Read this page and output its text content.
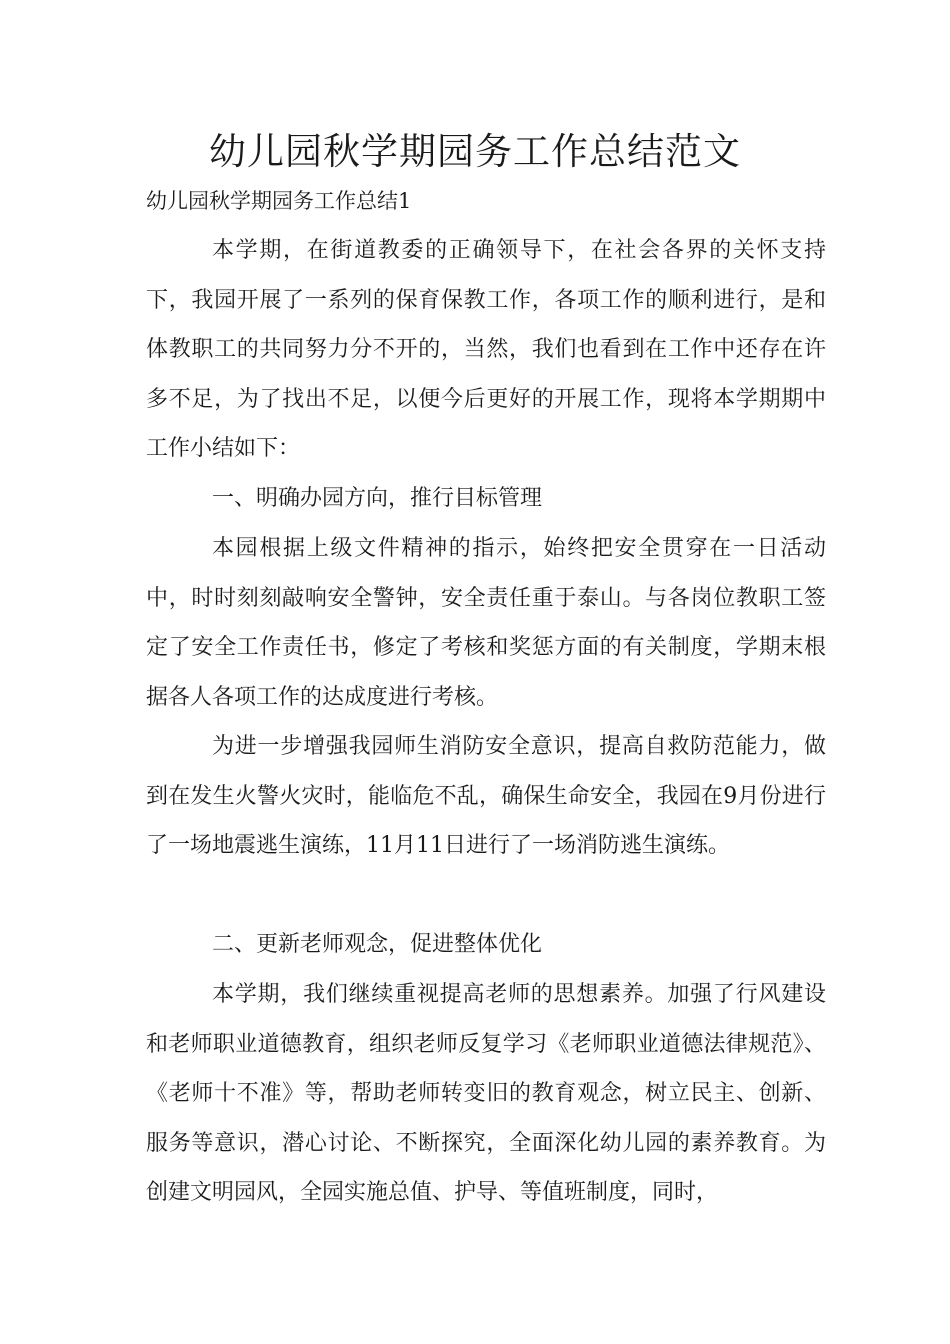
幼儿园秋学期园务工作总结范文

幼儿园秋学期园务工作总结1

本学期，在街道教委的正确领导下，在社会各界的关怀支持下，我园开展了一系列的保育保教工作，各项工作的顺利进行，是和体教职工的共同努力分不开的，当然，我们也看到在工作中还存在许多不足，为了找出不足，以便今后更好的开展工作，现将本学期期中工作小结如下：

一、明确办园方向，推行目标管理

本园根据上级文件精神的指示，始终把安全贯穿在一日活动中，时时刻刻敲响安全警钟，安全责任重于泰山。与各岗位教职工签定了安全工作责任书，修定了考核和奖惩方面的有关制度，学期末根据各人各项工作的达成度进行考核。

为进一步增强我园师生消防安全意识，提高自救防范能力，做到在发生火警火灾时，能临危不乱，确保生命安全，我园在9月份进行了一场地震逃生演练，11月11日进行了一场消防逃生演练。

二、更新老师观念，促进整体优化

本学期，我们继续重视提高老师的思想素养。加强了行风建设和老师职业道德教育，组织老师反复学习《老师职业道德法律规范》、《老师十不准》等，帮助老师转变旧的教育观念，树立民主、创新、服务等意识，潜心讨论、不断探究，全面深化幼儿园的素养教育。为创建文明园风，全园实施总值、护导、等值班制度，同时，
